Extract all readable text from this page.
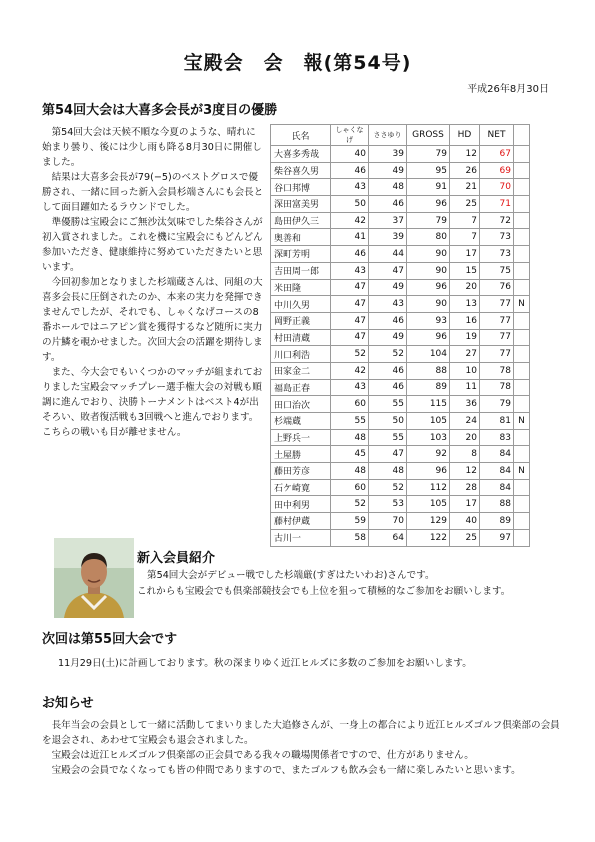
宝殿会　会　報(第54号)
平成26年8月30日
第54回大会は大喜多会長が3度目の優勝
第54回大会は天候不順な今夏のような、晴れに始まり曇り、後には少し雨も降る8月30日に開催しました。
結果は大喜多会長が79(−5)のベストグロスで優勝され、一緒に回った新入会員杉端さんにも会長として面目躍如たるラウンドでした。
準優勝は宝殿会にご無沙汰気味でした柴谷さんが初入賞されました。これを機に宝殿会にもどんどん参加いただき、健康維持に努めていただきたいと思います。
今回初参加となりました杉端蔵さんは、同組の大喜多会長に圧倒されたのか、本来の実力を発揮できませんでしたが、それでも、しゃくなげコースの8番ホールではニアピン賞を獲得するなど随所に実力の片鱗を覗かせました。次回大会の活躍を期待します。
また、今大会でもいくつかのマッチが組まれておりました宝殿会マッチプレー選手権大会の対戦も順調に進んでおり、決勝トーナメントはベスト4が出そろい、敗者復活戦も3回戦へと進んでおります。　こちらの戦いも目が離せません。
氏名	しゃくなげ	ささゆり	GROSS	HD	NET	
大喜多秀哉	40	39	79	12	67	
柴谷喜久男	46	49	95	26	69	
谷口邦博	43	48	91	21	70	
深田富美男	50	46	96	25	71	
島田伊久三	42	37	79	7	72	
奥善和	41	39	80	7	73	
深町芳明	46	44	90	17	73	
吉田周一郎	43	47	90	15	75	
米田隆	47	49	96	20	76	
中川久男	47	43	90	13	77	N
岡野正義	47	46	93	16	77	
村田清蔵	47	49	96	19	77	
川口利浩	52	52	104	27	77	
田家金二	42	46	88	10	78	
福島正春	43	46	89	11	78	
田口治次	60	55	115	36	79	
杉端蔵	55	50	105	24	81	N
上野兵一	48	55	103	20	83	
土屋勝	45	47	92	8	84	
藤田芳彦	48	48	96	12	84	N
石ケ崎寛	60	52	112	28	84	
田中利男	52	53	105	17	88	
藤村伊蔵	59	70	129	40	89	
古川一	58	64	122	25	97	
新入会員紹介
第54回大会がデビュー戦でした杉端厳(すぎはたいわお)さんです。
これからも宝殿会でも倶楽部競技会でも上位を狙って積極的なご参加をお願いします。
次回は第55回大会です
11月29日(土)に計画しております。秋の深まりゆく近江ヒルズに多数のご参加をお願いします。
お知らせ
長年当会の会員として一緒に活動してまいりました大追修さんが、一身上の都合により近江ヒルズゴルフ倶楽部の会員を退会され、あわせて宝殿会も退会されました。
宝殿会は近江ヒルズゴルフ倶楽部の正会員である我々の職場関係者ですので、仕方がありません。
宝殿会の会員でなくなっても皆の仲間でありますので、またゴルフも飲み会も一緒に楽しみたいと思います。
